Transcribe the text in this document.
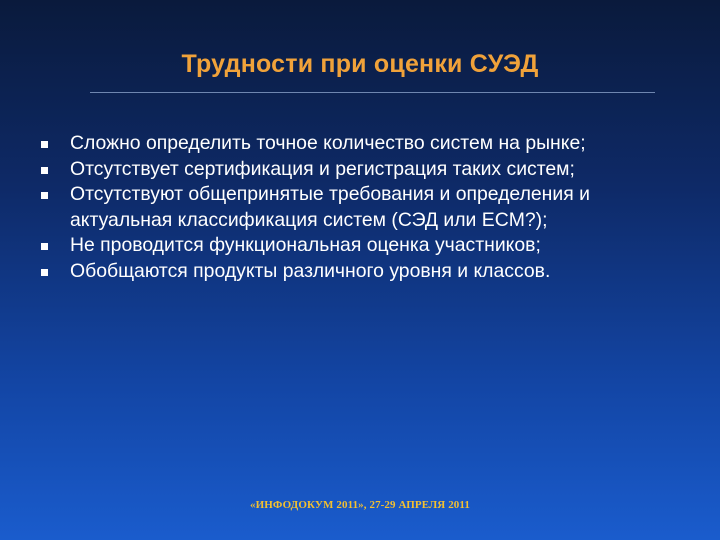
Трудности при оценки СУЭД
Сложно определить точное количество систем на рынке;
Отсутствует сертификация и регистрация таких систем;
Отсутствуют общепринятые требования и определения и актуальная классификация систем (СЭД или ECM?);
Не проводится функциональная оценка участников;
Обобщаются продукты различного уровня и классов.
«ИНФОДОКУМ 2011», 27-29 АПРЕЛЯ 2011
